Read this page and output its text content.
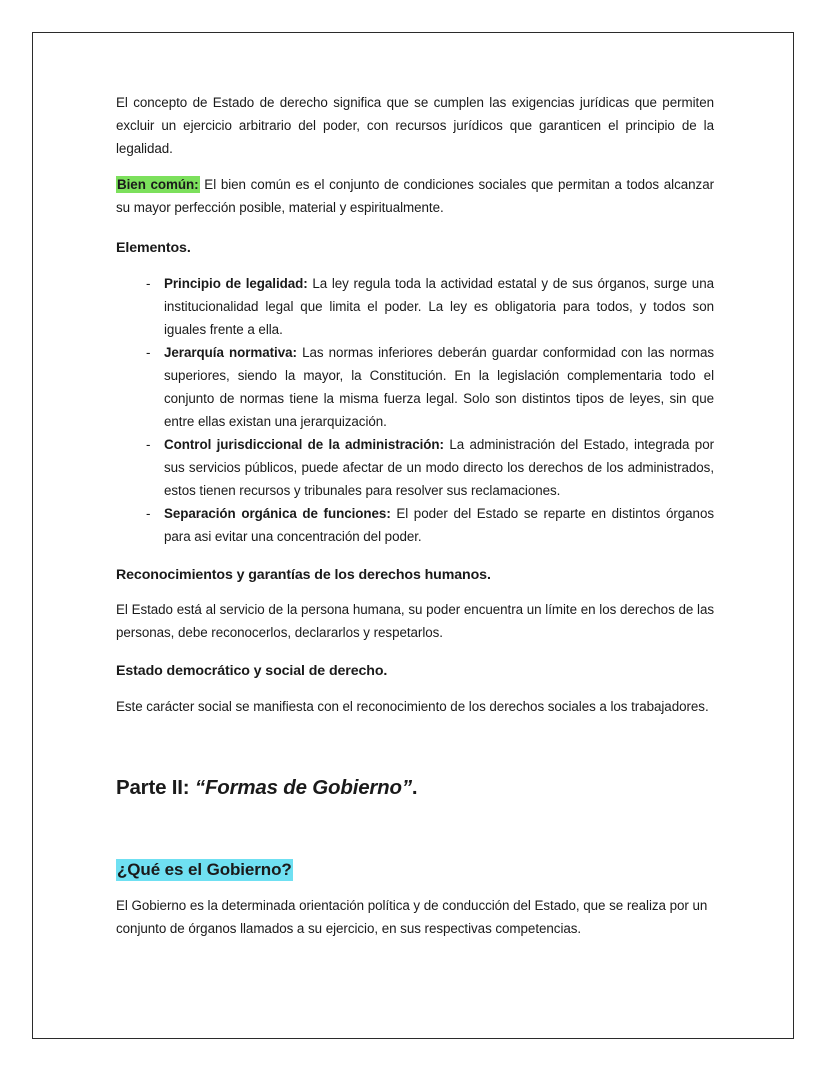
El concepto de Estado de derecho significa que se cumplen las exigencias jurídicas que permiten excluir un ejercicio arbitrario del poder, con recursos jurídicos que garanticen el principio de la legalidad.

Bien común: El bien común es el conjunto de condiciones sociales que permitan a todos alcanzar su mayor perfección posible, material y espiritualmente.

Elementos.
- Principio de legalidad: La ley regula toda la actividad estatal y de sus órganos, surge una institucionalidad legal que limita el poder. La ley es obligatoria para todos, y todos son iguales frente a ella.
- Jerarquía normativa: Las normas inferiores deberán guardar conformidad con las normas superiores, siendo la mayor, la Constitución. En la legislación complementaria todo el conjunto de normas tiene la misma fuerza legal. Solo son distintos tipos de leyes, sin que entre ellas existan una jerarquización.
- Control jurisdiccional de la administración: La administración del Estado, integrada por sus servicios públicos, puede afectar de un modo directo los derechos de los administrados, estos tienen recursos y tribunales para resolver sus reclamaciones.
- Separación orgánica de funciones: El poder del Estado se reparte en distintos órganos para asi evitar una concentración del poder.
Reconocimientos y garantías de los derechos humanos.

El Estado está al servicio de la persona humana, su poder encuentra un límite en los derechos de las personas, debe reconocerlos, declararlos y respetarlos.

Estado democrático y social de derecho.

Este carácter social se manifiesta con el reconocimiento de los derechos sociales a los trabajadores.

Parte II: “Formas de Gobierno”.
¿Qué es el Gobierno?

El Gobierno es la determinada orientación política y de conducción del Estado, que se realiza por un conjunto de órganos llamados a su ejercicio, en sus respectivas competencias.
